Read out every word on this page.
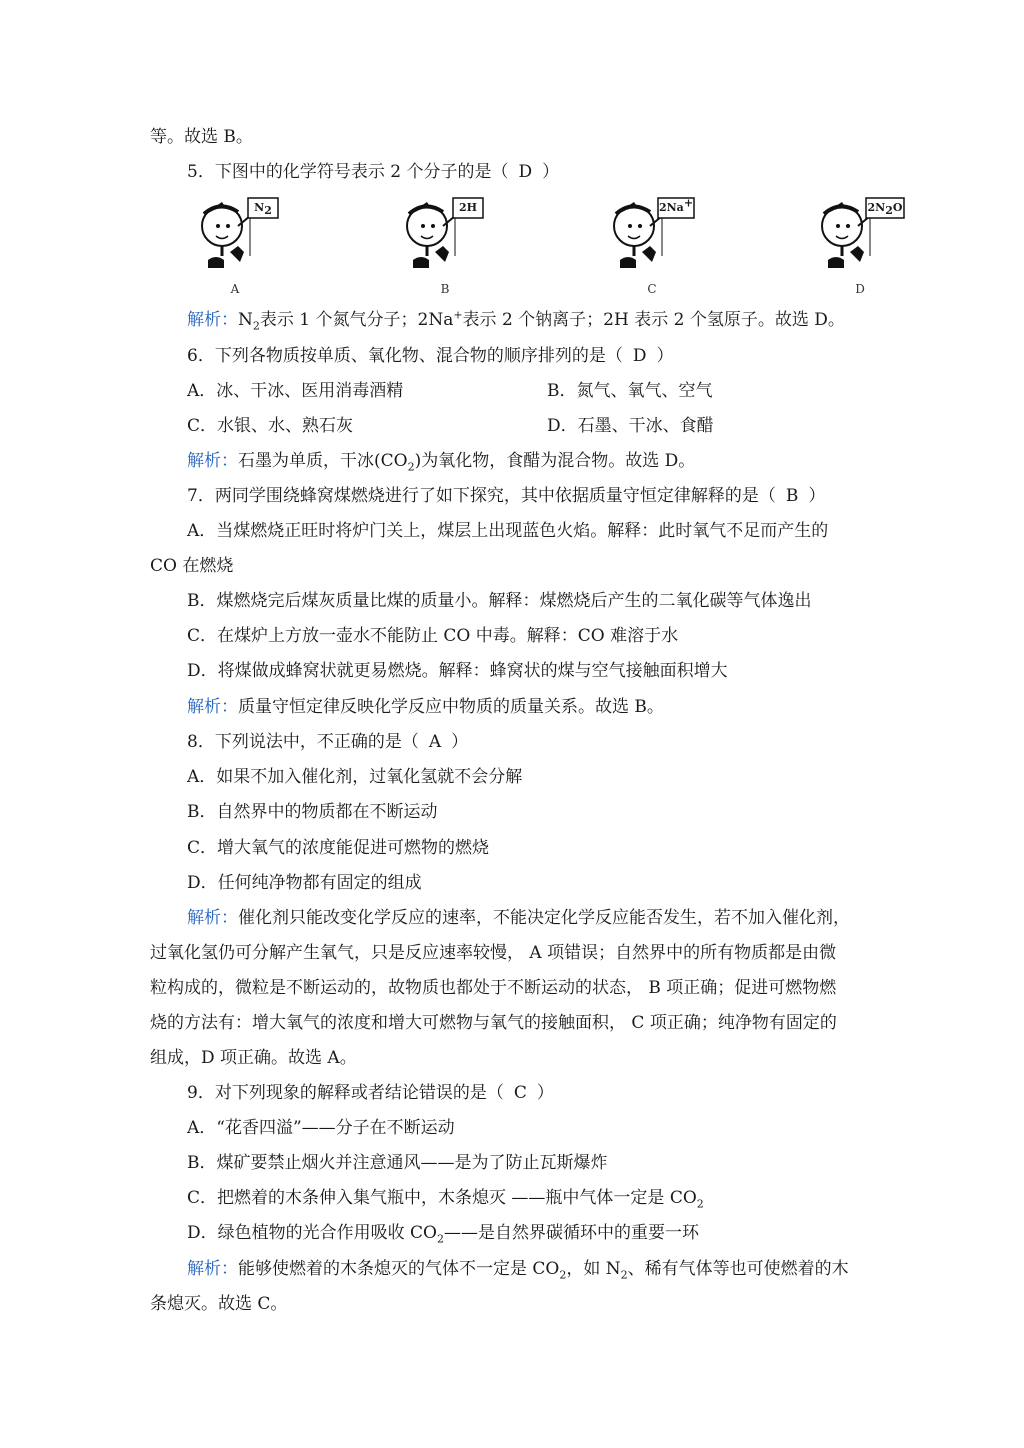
等。故选 B。
5．下图中的化学符号表示 2 个分子的是（ D ）
$N_2$
A
2H
B
2Na+
C
$2N_2O$
D
解析：$N_2$表示 1 个氮气分子；2Na+表示 2 个钠离子；2H 表示 2 个氢原子。故选 D。
6．下列各物质按单质、氧化物、混合物的顺序排列的是（ D ）
A．冰、干冰、医用消毒酒精	B．氮气、氧气、空气
C．水银、水、熟石灰	D．石墨、干冰、食醋
解析：石墨为单质，干冰$(CO_2)$为氧化物，食醋为混合物。故选 D。
7．两同学围绕蜂窝煤燃烧进行了如下探究，其中依据质量守恒定律解释的是（ B ）
A．当煤燃烧正旺时将炉门关上，煤层上出现蓝色火焰。解释：此时氧气不足而产生的
CO 在燃烧
B．煤燃烧完后煤灰质量比煤的质量小。解释：煤燃烧后产生的二氧化碳等气体逸出
C．在煤炉上方放一壶水不能防止 CO 中毒。解释：CO 难溶于水
D．将煤做成蜂窝状就更易燃烧。解释：蜂窝状的煤与空气接触面积增大
解析：质量守恒定律反映化学反应中物质的质量关系。故选 B。
8．下列说法中，不正确的是（ A ）
A．如果不加入催化剂，过氧化氢就不会分解
B．自然界中的物质都在不断运动
C．增大氧气的浓度能促进可燃物的燃烧
D．任何纯净物都有固定的组成
解析：催化剂只能改变化学反应的速率，不能决定化学反应能否发生，若不加入催化剂，
过氧化氢仍可分解产生氧气，只是反应速率较慢， A 项错误；自然界中的所有物质都是由微
粒构成的，微粒是不断运动的，故物质也都处于不断运动的状态， B 项正确；促进可燃物燃
烧的方法有：增大氧气的浓度和增大可燃物与氧气的接触面积， C 项正确；纯净物有固定的
组成，D 项正确。故选 A。
9．对下列现象的解释或者结论错误的是（ C ）
A．“花香四溢”——分子在不断运动
B．煤矿要禁止烟火并注意通风——是为了防止瓦斯爆炸
C．把燃着的木条伸入集气瓶中，木条熄灭 ——瓶中气体一定是 $CO_2$
D．绿色植物的光合作用吸收 $CO_2——$是自然界碳循环中的重要一环
解析：能够使燃着的木条熄灭的气体不一定是 $CO_2$，如 $N_2$、稀有气体等也可使燃着的木
条熄灭。故选 C。
